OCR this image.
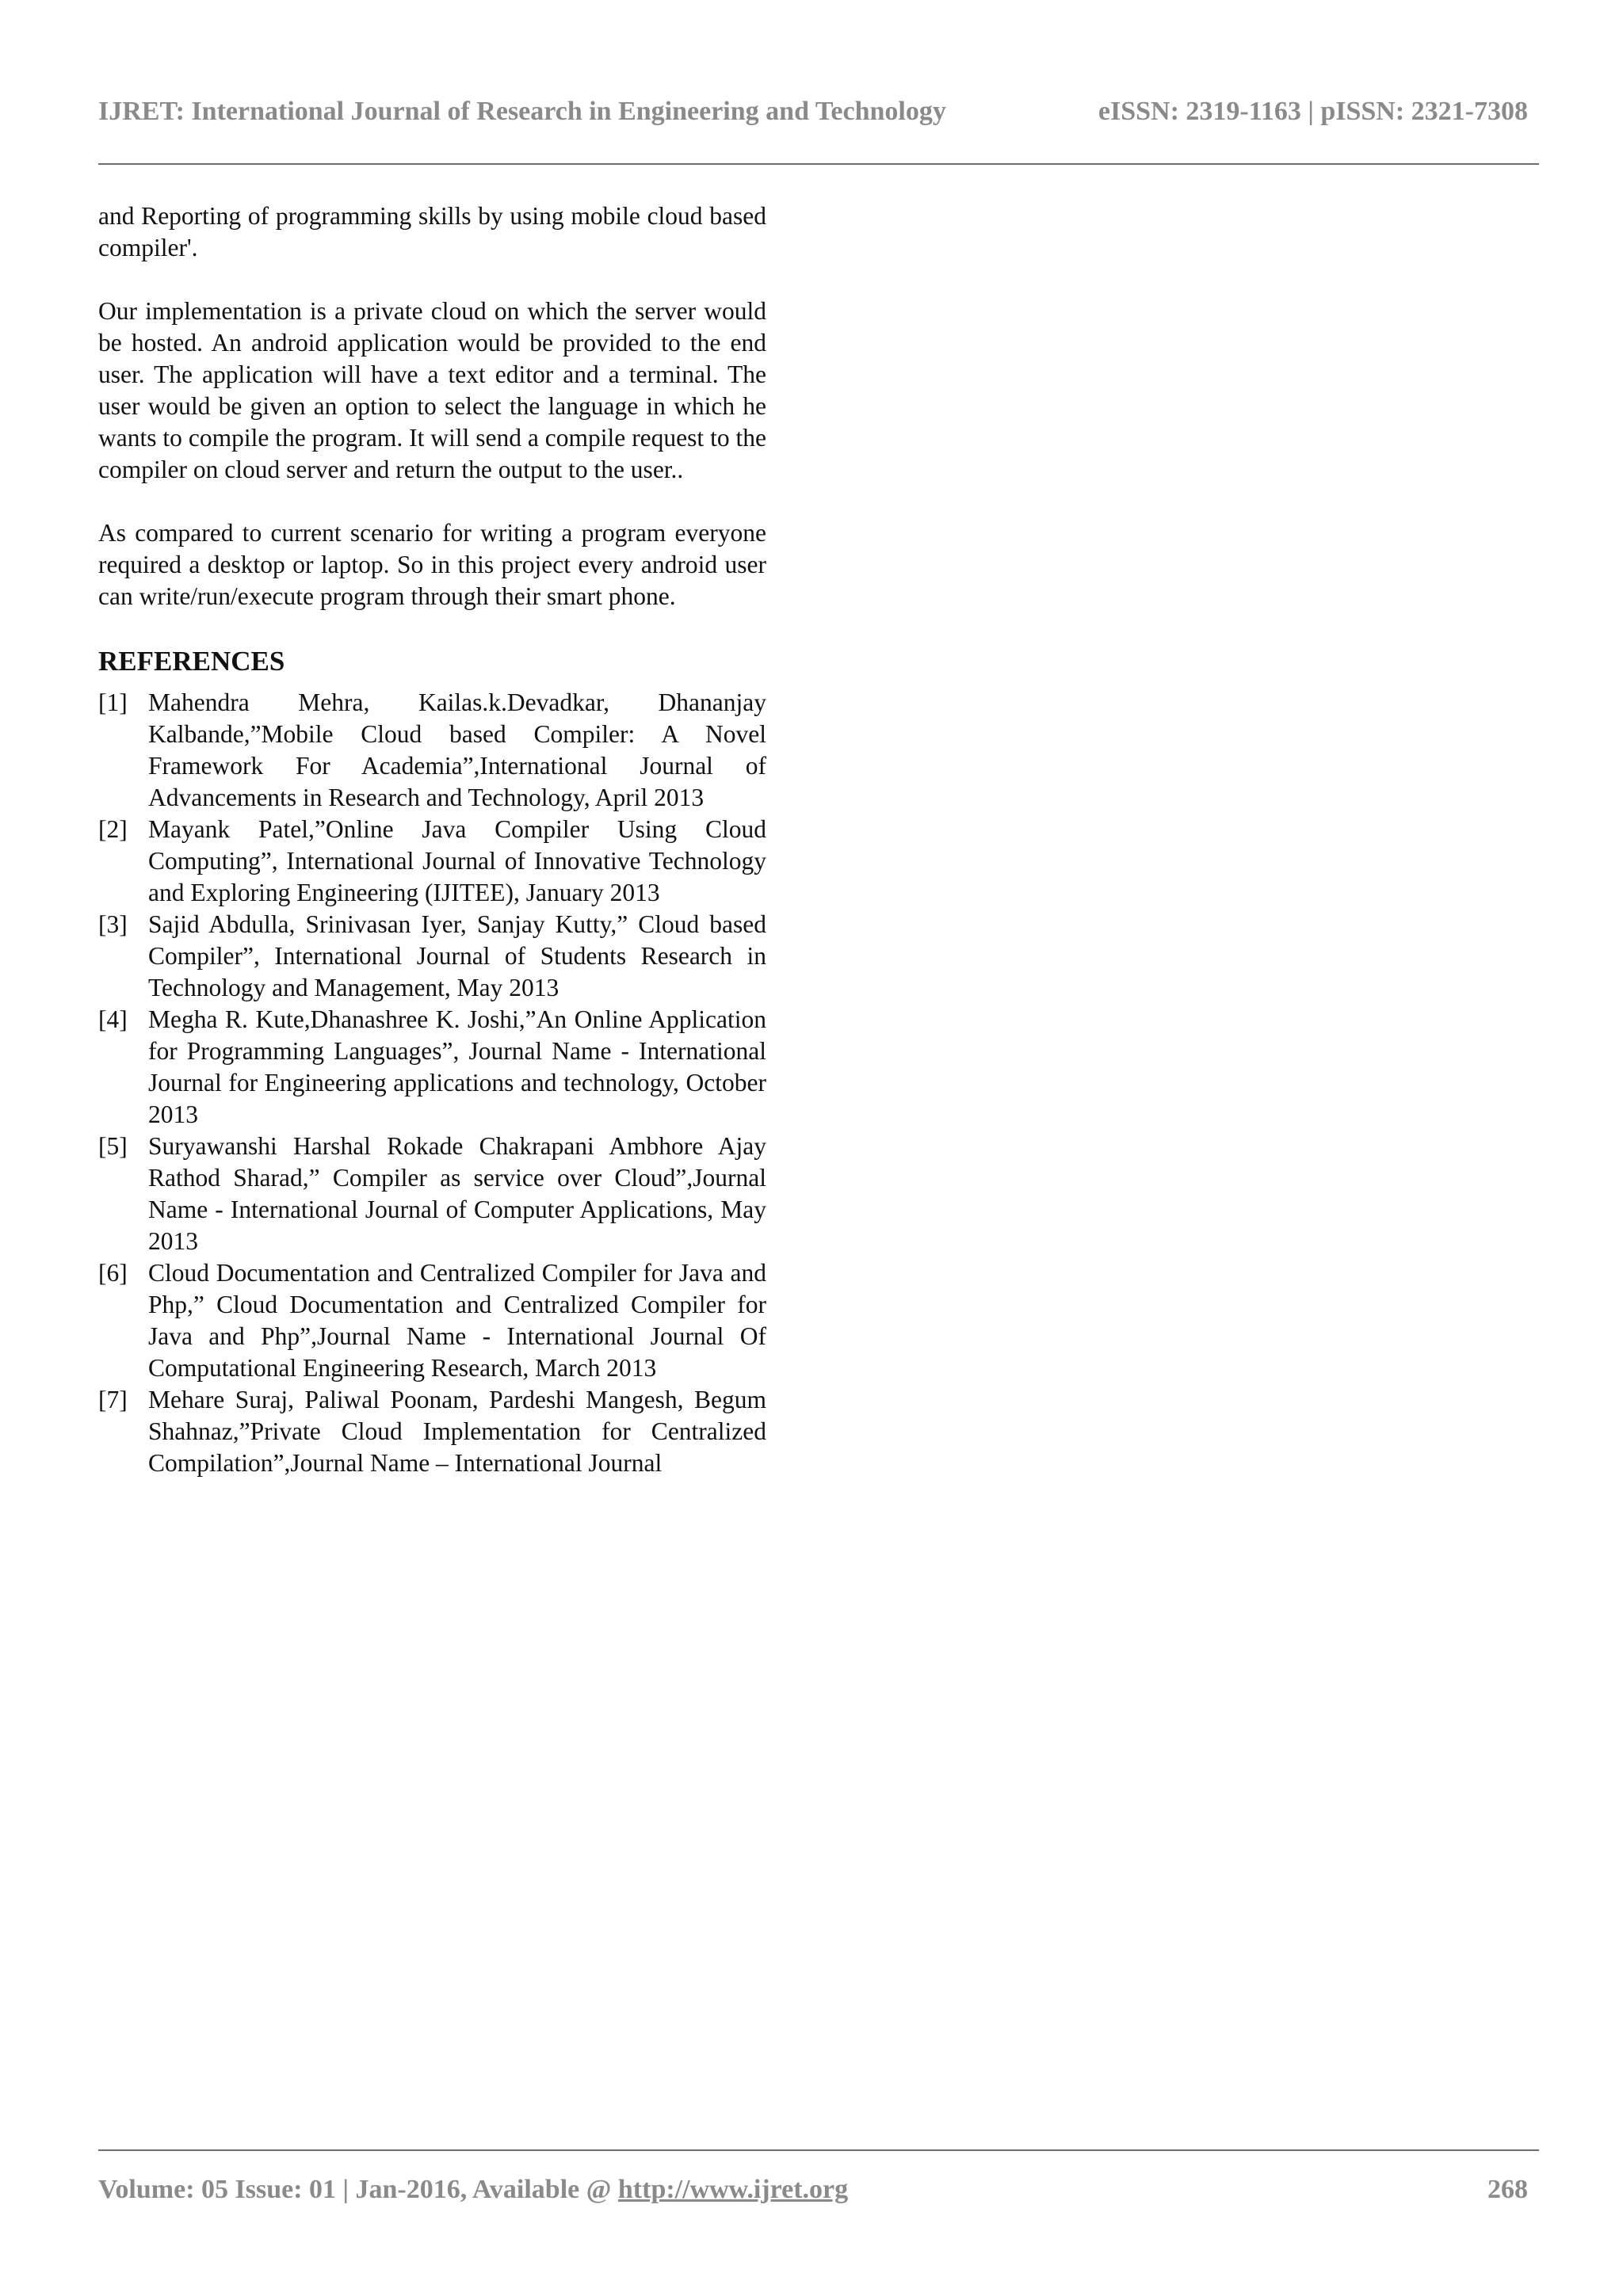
IJRET: International Journal of Research in Engineering and Technology	eISSN: 2319-1163 | pISSN: 2321-7308

and Reporting of programming skills by using mobile cloud based compiler'.

Our implementation is a private cloud on which the server would be hosted. An android application would be provided to the end user. The application will have a text editor and a terminal. The user would be given an option to select the language in which he wants to compile the program. It will send a compile request to the compiler on cloud server and return the output to the user..

As compared to current scenario for writing a program everyone required a desktop or laptop. So in this project every android user can write/run/execute program through their smart phone.

REFERENCES
[1] Mahendra Mehra, Kailas.k.Devadkar, Dhananjay Kalbande,”Mobile Cloud based Compiler: A Novel Framework For Academia”,International Journal of Advancements in Research and Technology, April 2013
[2] Mayank Patel,”Online Java Compiler Using Cloud Computing”, International Journal of Innovative Technology and Exploring Engineering (IJITEE), January 2013
[3] Sajid Abdulla, Srinivasan Iyer, Sanjay Kutty,” Cloud based Compiler”, International Journal of Students Research in Technology and Management, May 2013
[4] Megha R. Kute,Dhanashree K. Joshi,”An Online Application for Programming Languages”, Journal Name - International Journal for Engineering applications and technology, October 2013
[5] Suryawanshi Harshal Rokade Chakrapani Ambhore Ajay Rathod Sharad,” Compiler as service over Cloud”,Journal Name - International Journal of Computer Applications, May 2013
[6] Cloud Documentation and Centralized Compiler for Java and Php,” Cloud Documentation and Centralized Compiler for Java and Php”,Journal Name - International Journal Of Computational Engineering Research, March 2013
[7] Mehare Suraj, Paliwal Poonam, Pardeshi Mangesh, Begum Shahnaz,”Private Cloud Implementation for Centralized Compilation”,Journal Name – International Journal
Volume: 05 Issue: 01 | Jan-2016, Available @ http://www.ijret.org	268
